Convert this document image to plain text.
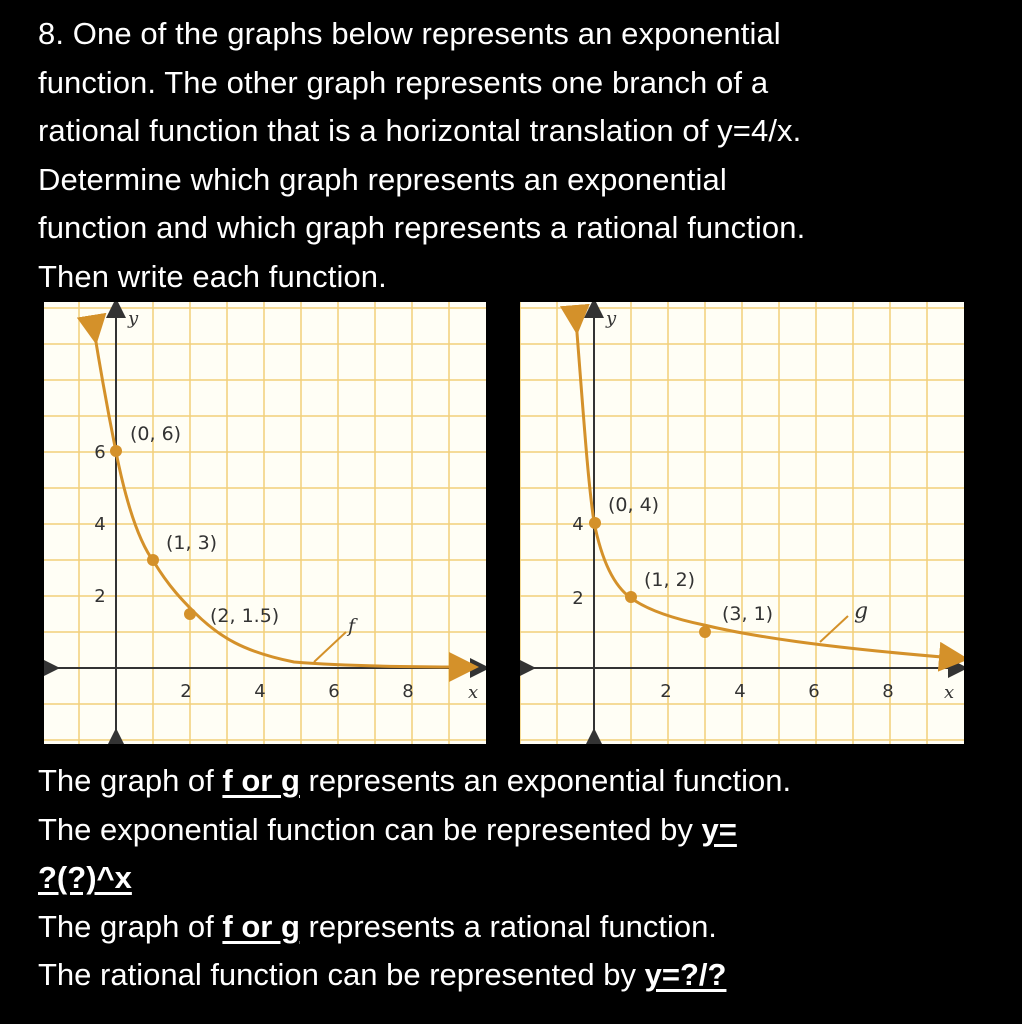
8. One of the graphs below represents an exponential
function. The other graph represents one branch of a
rational function that is a horizontal translation of y=4/x.
Determine which graph represents an exponential
function and which graph represents a rational function.
Then write each function.
y
x
2	4	6	8
2
4
6
(0, 6)
(1, 3)
(2, 1.5)	f
y
x
2	4	6	8
2
4
(0, 4)
(1, 2)
(3, 1)	g
The graph of f or g represents an exponential function.
The exponential function can be represented by y=
?(?)^x
The graph of f or g represents a rational function.
The rational function can be represented by y=?/?
